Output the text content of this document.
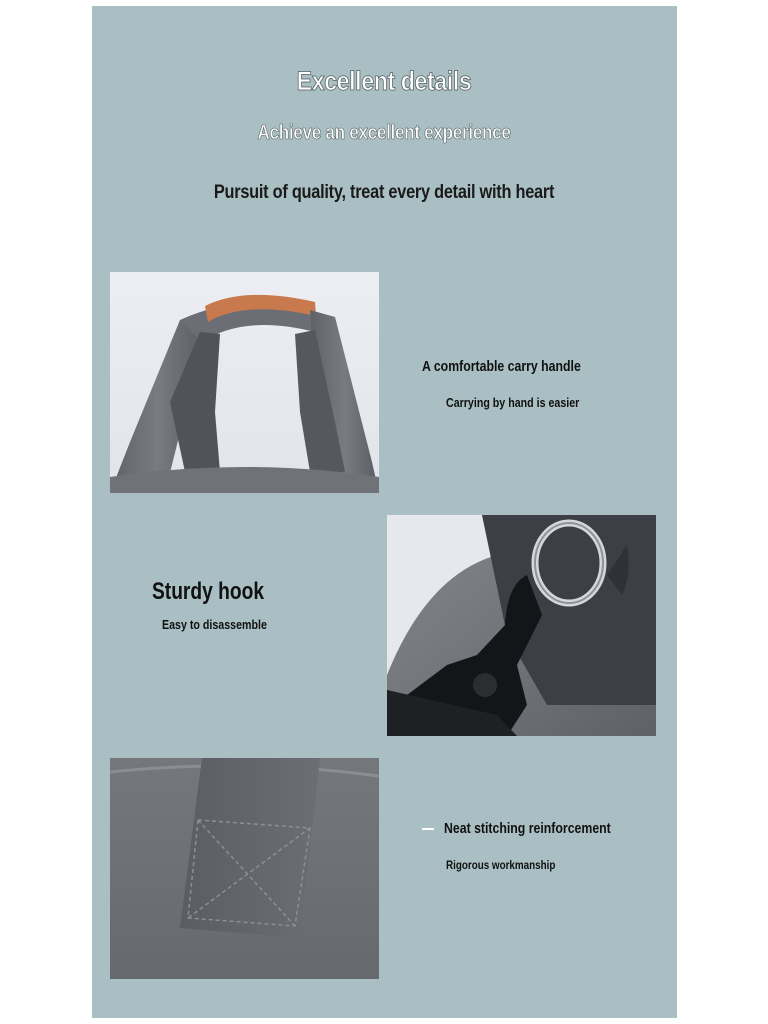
Excellent details
Achieve an excellent experience
Pursuit of quality, treat every detail with heart
A comfortable carry handle
Carrying by hand is easier
Sturdy hook
Easy to disassemble
Neat stitching reinforcement
Rigorous workmanship
